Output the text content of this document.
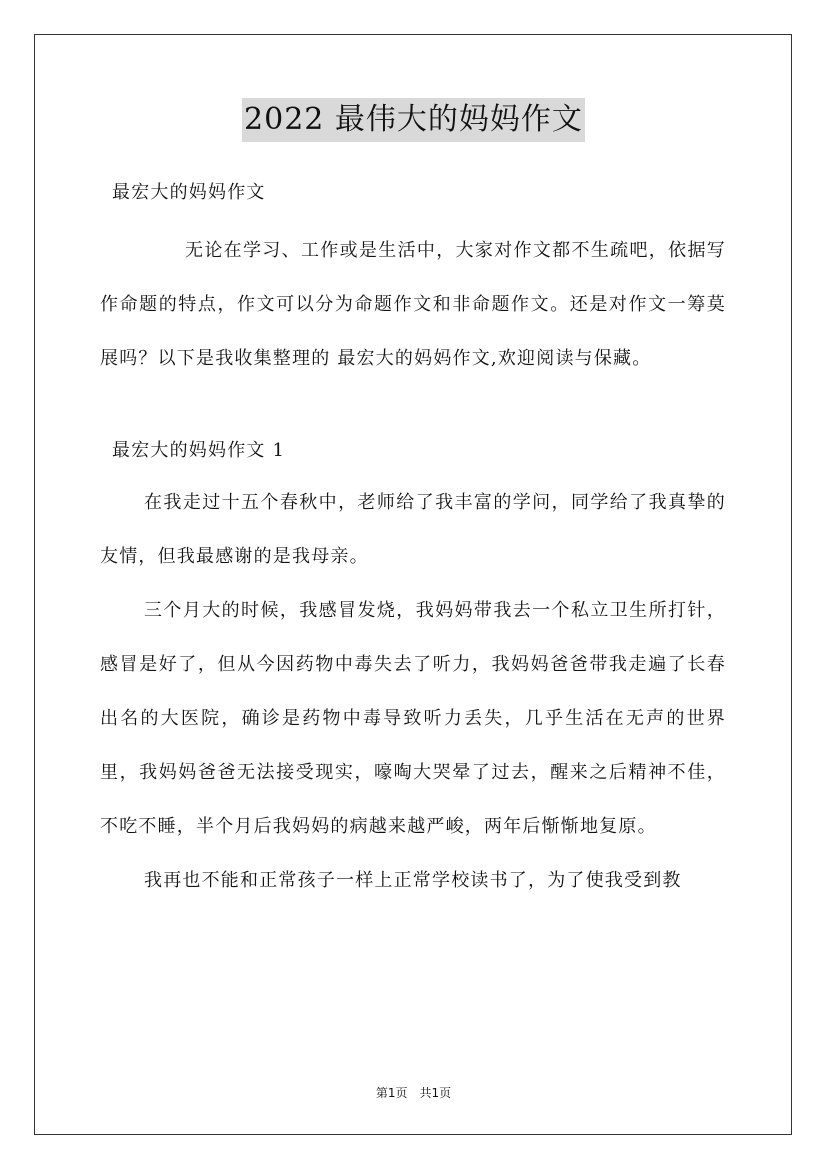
2022 最伟大的妈妈作文

最宏大的妈妈作文

无论在学习、工作或是生活中，大家对作文都不生疏吧，依据写作命题的特点，作文可以分为命题作文和非命题作文。还是对作文一筹莫展吗？以下是我收集整理的 最宏大的妈妈作文,欢迎阅读与保藏。

最宏大的妈妈作文 1

在我走过十五个春秋中，老师给了我丰富的学问，同学给了我真挚的友情，但我最感谢的是我母亲。

三个月大的时候，我感冒发烧，我妈妈带我去一个私立卫生所打针，感冒是好了，但从今因药物中毒失去了听力，我妈妈爸爸带我走遍了长春出名的大医院，确诊是药物中毒导致听力丢失，几乎生活在无声的世界里，我妈妈爸爸无法接受现实，嚎啕大哭晕了过去，醒来之后精神不佳，不吃不睡，半个月后我妈妈的病越来越严峻，两年后惭惭地复原。

我再也不能和正常孩子一样上正常学校读书了，为了使我受到教

第1页　共1页
